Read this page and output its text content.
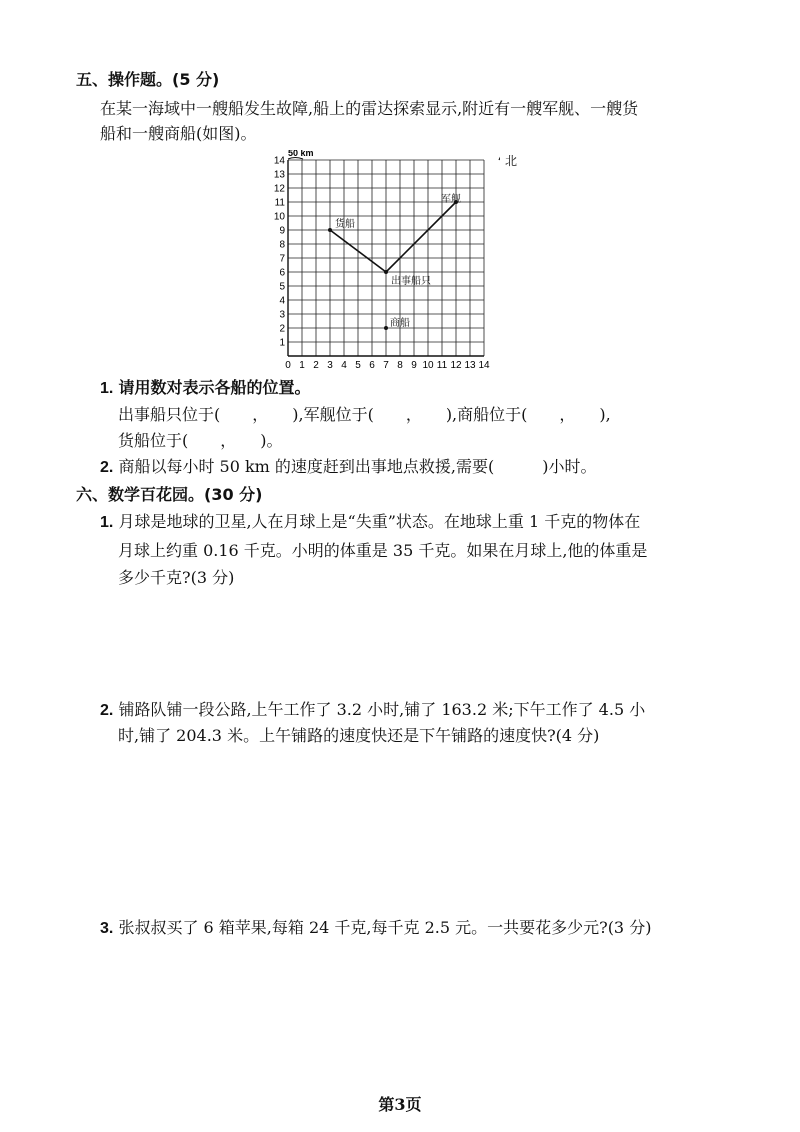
五、操作题。(5 分)
在某一海域中一艘船发生故障,船上的雷达探索显示,附近有一艘军舰、一艘货
船和一艘商船(如图)。
0 1 2 3 4 5 6 7 8 9 10 11 12 13 14
1
2
3
4
5
6
7
8
9
10
11
12
13
14
货船
出事船只
军舰
商船
50 km
北
1. 请用数对表示各船的位置。
出事船只位于(　　，　　),军舰位于(　　，　　),商船位于(　　，　　),
货船位于(　　，　　)。
2. 商船以每小时 50 km 的速度赶到出事地点救援,需要(　　　)小时。
六、数学百花园。(30 分)
1. 月球是地球的卫星,人在月球上是“失重”状态。在地球上重 1 千克的物体在
月球上约重 0.16 千克。小明的体重是 35 千克。如果在月球上,他的体重是
多少千克?(3 分)
2. 铺路队铺一段公路,上午工作了 3.2 小时,铺了 163.2 米;下午工作了 4.5 小
时,铺了 204.3 米。上午铺路的速度快还是下午铺路的速度快?(4 分)
3. 张叔叔买了 6 箱苹果,每箱 24 千克,每千克 2.5 元。一共要花多少元?(3 分)
第3页
